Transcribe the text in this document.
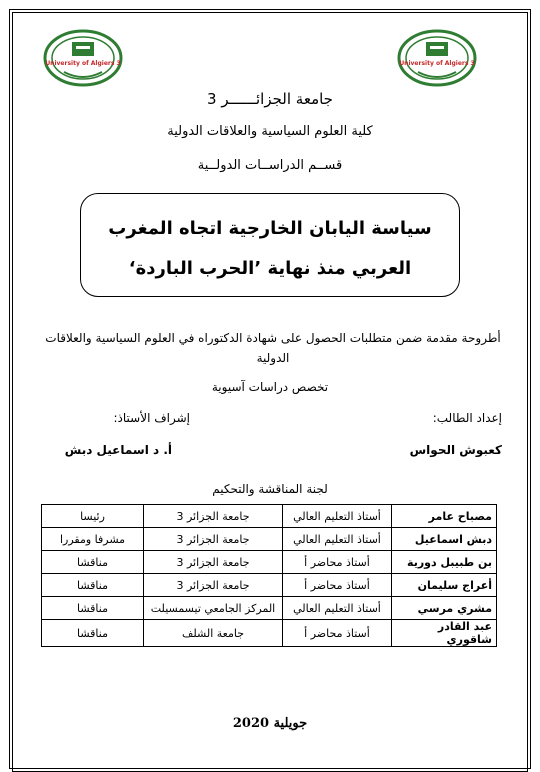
University of Algiers 3	University of Algiers 3
جامعة الجزائــــــر 3
كلية العلوم السياسية والعلاقات الدولية
قســم الدراســات الدولــية
سياسة اليابان الخارجية اتجاه المغرب
العربي منذ نهاية ’الحرب الباردة‘
أطروحة مقدمة ضمن متطلبات الحصول على شهادة الدكتوراه في العلوم السياسية والعلاقات الدولية
تخصص دراسات آسيوية
إعداد الطالب:
إشراف الأستاذ:
كعبوش الحواس
أ. د اسماعيل دبش
لجنة المناقشة والتحكيم
مصباح عامر	أستاذ التعليم العالي	جامعة الجزائر 3	رئيسا
دبش اسماعيل	أستاذ التعليم العالي	جامعة الجزائر 3	مشرفا ومقررا
بن طبيبل دورية	أستاذ محاضر أ	جامعة الجزائر 3	مناقشا
أعراج سليمان	أستاذ محاضر أ	جامعة الجزائر 3	مناقشا
مشري مرسي	أستاذ التعليم العالي	المركز الجامعي تيسمسيلت	مناقشا
عبد القادر شاقوري	أستاذ محاضر أ	جامعة الشلف	مناقشا
جويلية 2020
